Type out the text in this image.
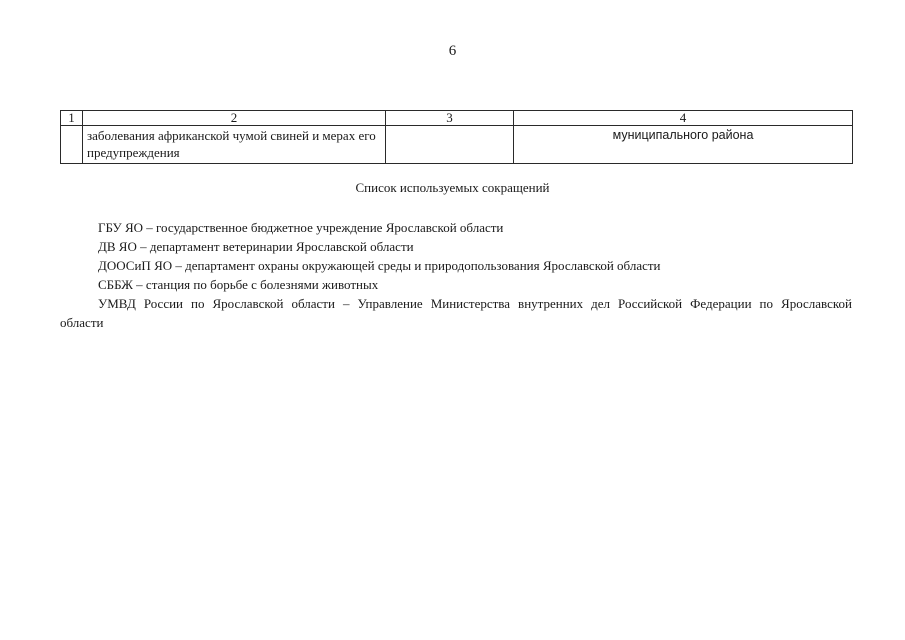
6
1	2	3	4
	заболевания африканской чумой свиней и мерах его предупреждения		муниципального района
Список используемых сокращений
ГБУ ЯО – государственное бюджетное учреждение Ярославской области
ДВ ЯО – департамент ветеринарии Ярославской области
ДООСиП ЯО – департамент охраны окружающей среды и природопользования Ярославской области
СББЖ – станция по борьбе с болезнями животных
УМВД России по Ярославской области – Управление Министерства внутренних дел Российской Федерации по Ярославской области
